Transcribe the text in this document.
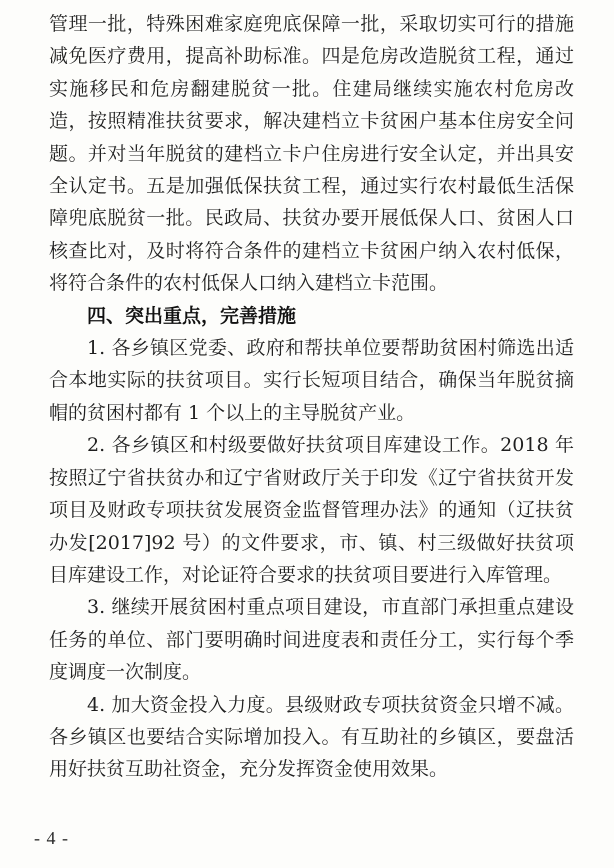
管理一批，特殊困难家庭兜底保障一批，采取切实可行的措施减免医疗费用，提高补助标准。四是危房改造脱贫工程，通过实施移民和危房翻建脱贫一批。住建局继续实施农村危房改造，按照精准扶贫要求，解决建档立卡贫困户基本住房安全问题。并对当年脱贫的建档立卡户住房进行安全认定，并出具安全认定书。五是加强低保扶贫工程，通过实行农村最低生活保障兜底脱贫一批。民政局、扶贫办要开展低保人口、贫困人口核查比对，及时将符合条件的建档立卡贫困户纳入农村低保，将符合条件的农村低保人口纳入建档立卡范围。

四、突出重点，完善措施

1. 各乡镇区党委、政府和帮扶单位要帮助贫困村筛选出适合本地实际的扶贫项目。实行长短项目结合，确保当年脱贫摘帽的贫困村都有 1 个以上的主导脱贫产业。

2. 各乡镇区和村级要做好扶贫项目库建设工作。2018 年按照辽宁省扶贫办和辽宁省财政厅关于印发《辽宁省扶贫开发项目及财政专项扶贫发展资金监督管理办法》的通知（辽扶贫办发[2017]92 号）的文件要求，市、镇、村三级做好扶贫项目库建设工作，对论证符合要求的扶贫项目要进行入库管理。

3. 继续开展贫困村重点项目建设，市直部门承担重点建设任务的单位、部门要明确时间进度表和责任分工，实行每个季度调度一次制度。

4. 加大资金投入力度。县级财政专项扶贫资金只增不减。各乡镇区也要结合实际增加投入。有互助社的乡镇区，要盘活用好扶贫互助社资金，充分发挥资金使用效果。

- 4 -
